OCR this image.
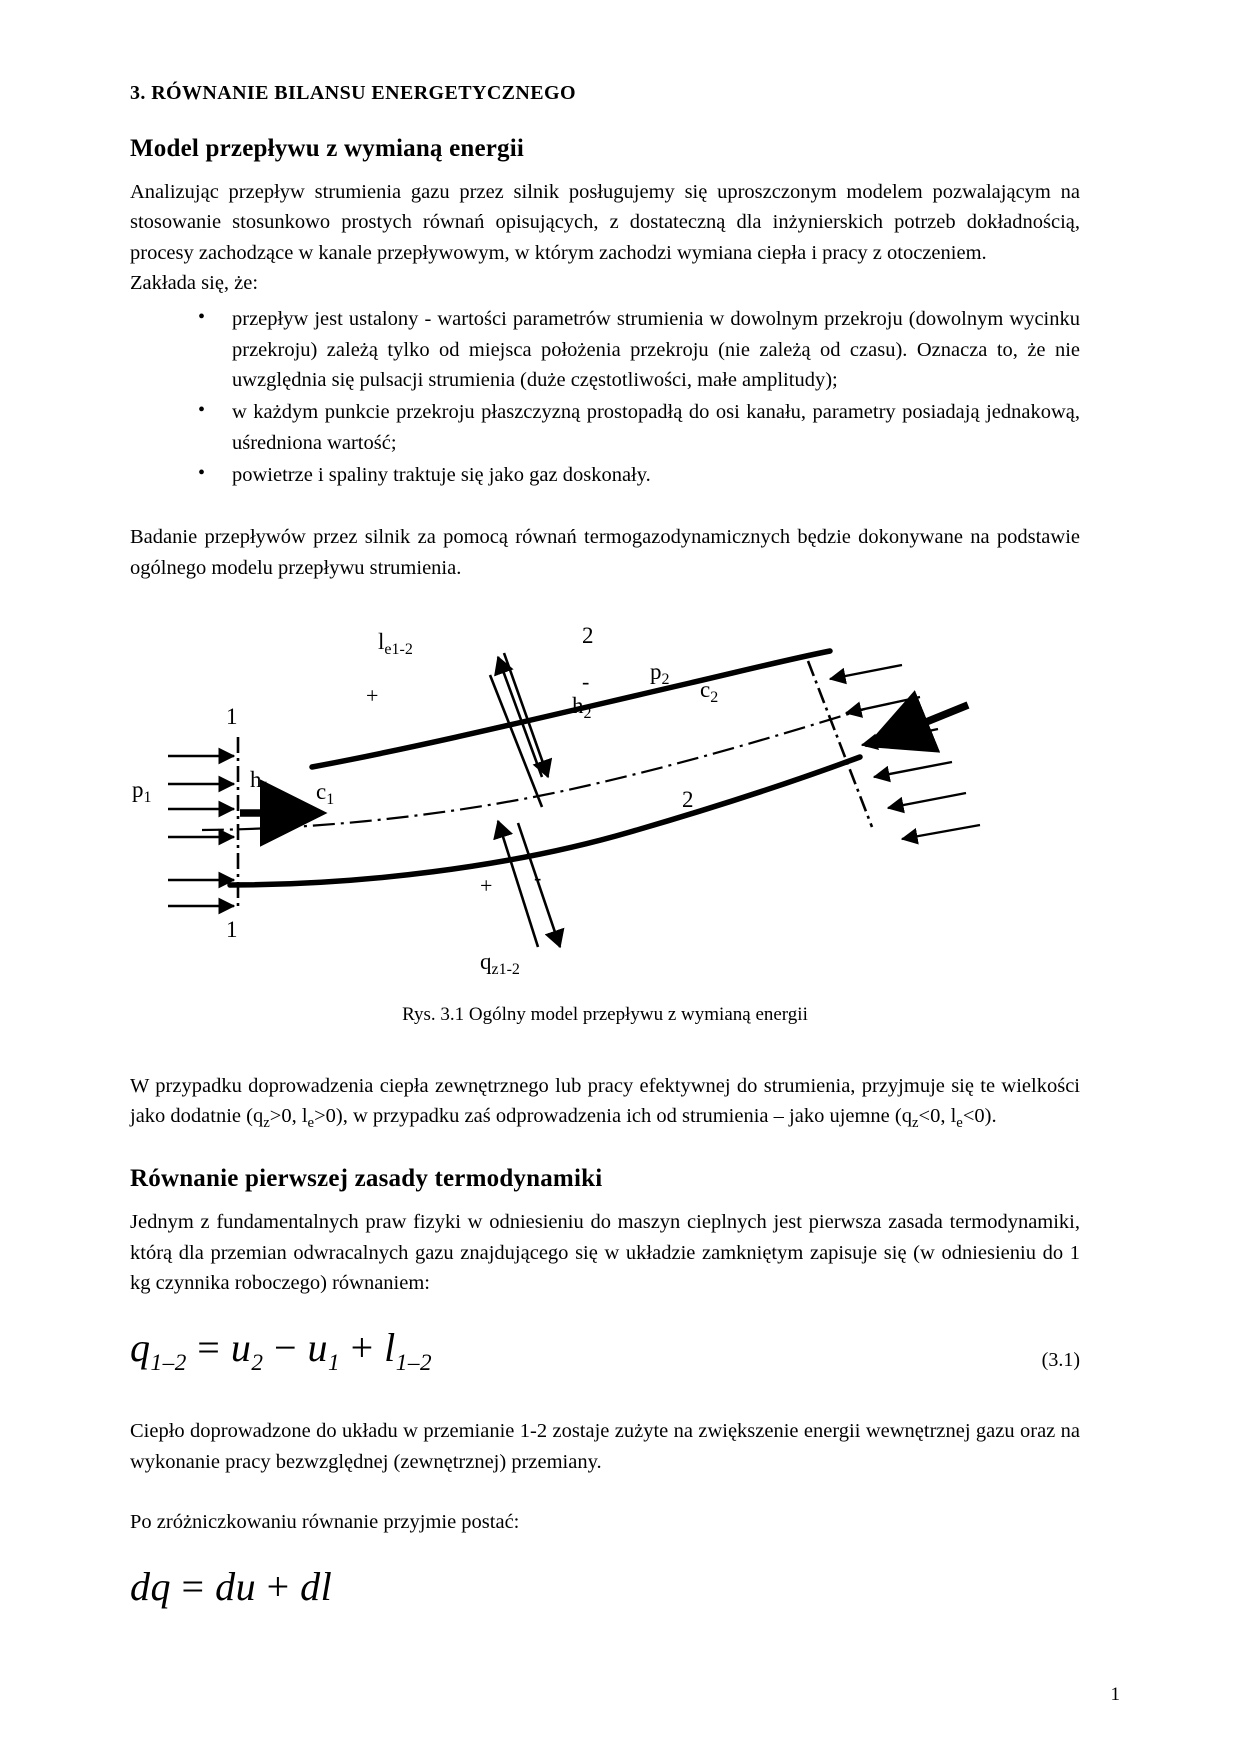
3. RÓWNANIE BILANSU ENERGETYCZNEGO
Model przepływu z wymianą energii

Analizując przepływ strumienia gazu przez silnik posługujemy się uproszczonym modelem pozwalającym na stosowanie stosunkowo prostych równań opisujących, z dostateczną dla inżynierskich potrzeb dokładnością, procesy zachodzące w kanale przepływowym, w którym zachodzi wymiana ciepła i pracy z otoczeniem.

Zakłada się, że:

• przepływ jest ustalony - wartości parametrów strumienia w dowolnym przekroju (dowolnym wycinku przekroju) zależą tylko od miejsca położenia przekroju (nie zależą od czasu). Oznacza to, że nie uwzględnia się pulsacji strumienia (duże częstotliwości, małe amplitudy);
• w każdym punkcie przekroju płaszczyzną prostopadłą do osi kanału, parametry posiadają jednakową, uśredniona wartość;
• powietrze i spaliny traktuje się jako gaz doskonały.

Badanie przepływów przez silnik za pomocą równań termogazodynamicznych będzie dokonywane na podstawie ogólnego modelu przepływu strumienia.

$l_{e1-2}$
+
-
+ -
1
1
2
2
$p_1$
$h_1$ $c_1$
$p_2$
$h_2$
$c_2$
$q_{z1-2}$

Rys. 3.1 Ogólny model przepływu z wymianą energii

W przypadku doprowadzenia ciepła zewnętrznego lub pracy efektywnej do strumienia, przyjmuje się te wielkości jako dodatnie ($q_z>0$, $l_e>0$), w przypadku zaś odprowadzenia ich od strumienia – jako ujemne ($q_z<0$, $l_e<0$).

Równanie pierwszej zasady termodynamiki

Jednym z fundamentalnych praw fizyki w odniesieniu do maszyn cieplnych jest pierwsza zasada termodynamiki, którą dla przemian odwracalnych gazu znajdującego się w układzie zamkniętym zapisuje się (w odniesieniu do 1 kg czynnika roboczego) równaniem:

$q_{1-2} = u_2 - u_1 + l_{1-2}$	(3.1)

Ciepło doprowadzone do układu w przemianie 1-2 zostaje zużyte na zwiększenie energii wewnętrznej gazu oraz na wykonanie pracy bezwzględnej (zewnętrznej) przemiany.

Po zróżniczkowaniu równanie przyjmie postać:

dq = du + dl
1
